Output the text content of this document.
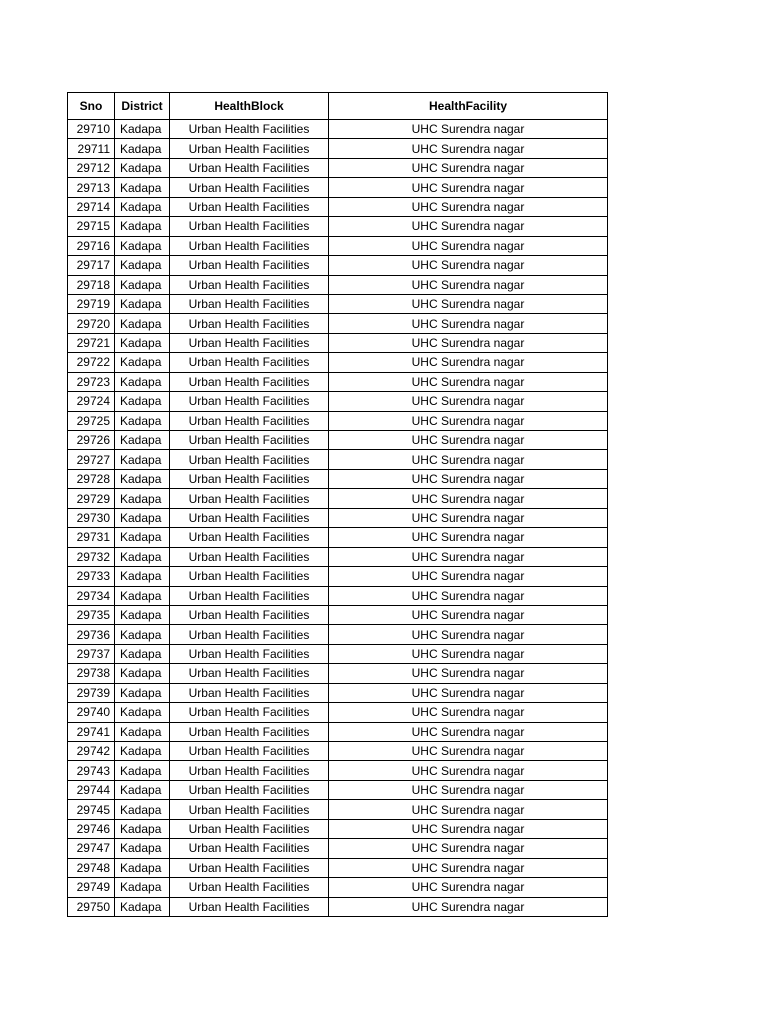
Sno	District	HealthBlock	HealthFacility
29710	Kadapa	Urban Health Facilities	UHC Surendra nagar
29711	Kadapa	Urban Health Facilities	UHC Surendra nagar
29712	Kadapa	Urban Health Facilities	UHC Surendra nagar
29713	Kadapa	Urban Health Facilities	UHC Surendra nagar
29714	Kadapa	Urban Health Facilities	UHC Surendra nagar
29715	Kadapa	Urban Health Facilities	UHC Surendra nagar
29716	Kadapa	Urban Health Facilities	UHC Surendra nagar
29717	Kadapa	Urban Health Facilities	UHC Surendra nagar
29718	Kadapa	Urban Health Facilities	UHC Surendra nagar
29719	Kadapa	Urban Health Facilities	UHC Surendra nagar
29720	Kadapa	Urban Health Facilities	UHC Surendra nagar
29721	Kadapa	Urban Health Facilities	UHC Surendra nagar
29722	Kadapa	Urban Health Facilities	UHC Surendra nagar
29723	Kadapa	Urban Health Facilities	UHC Surendra nagar
29724	Kadapa	Urban Health Facilities	UHC Surendra nagar
29725	Kadapa	Urban Health Facilities	UHC Surendra nagar
29726	Kadapa	Urban Health Facilities	UHC Surendra nagar
29727	Kadapa	Urban Health Facilities	UHC Surendra nagar
29728	Kadapa	Urban Health Facilities	UHC Surendra nagar
29729	Kadapa	Urban Health Facilities	UHC Surendra nagar
29730	Kadapa	Urban Health Facilities	UHC Surendra nagar
29731	Kadapa	Urban Health Facilities	UHC Surendra nagar
29732	Kadapa	Urban Health Facilities	UHC Surendra nagar
29733	Kadapa	Urban Health Facilities	UHC Surendra nagar
29734	Kadapa	Urban Health Facilities	UHC Surendra nagar
29735	Kadapa	Urban Health Facilities	UHC Surendra nagar
29736	Kadapa	Urban Health Facilities	UHC Surendra nagar
29737	Kadapa	Urban Health Facilities	UHC Surendra nagar
29738	Kadapa	Urban Health Facilities	UHC Surendra nagar
29739	Kadapa	Urban Health Facilities	UHC Surendra nagar
29740	Kadapa	Urban Health Facilities	UHC Surendra nagar
29741	Kadapa	Urban Health Facilities	UHC Surendra nagar
29742	Kadapa	Urban Health Facilities	UHC Surendra nagar
29743	Kadapa	Urban Health Facilities	UHC Surendra nagar
29744	Kadapa	Urban Health Facilities	UHC Surendra nagar
29745	Kadapa	Urban Health Facilities	UHC Surendra nagar
29746	Kadapa	Urban Health Facilities	UHC Surendra nagar
29747	Kadapa	Urban Health Facilities	UHC Surendra nagar
29748	Kadapa	Urban Health Facilities	UHC Surendra nagar
29749	Kadapa	Urban Health Facilities	UHC Surendra nagar
29750	Kadapa	Urban Health Facilities	UHC Surendra nagar
